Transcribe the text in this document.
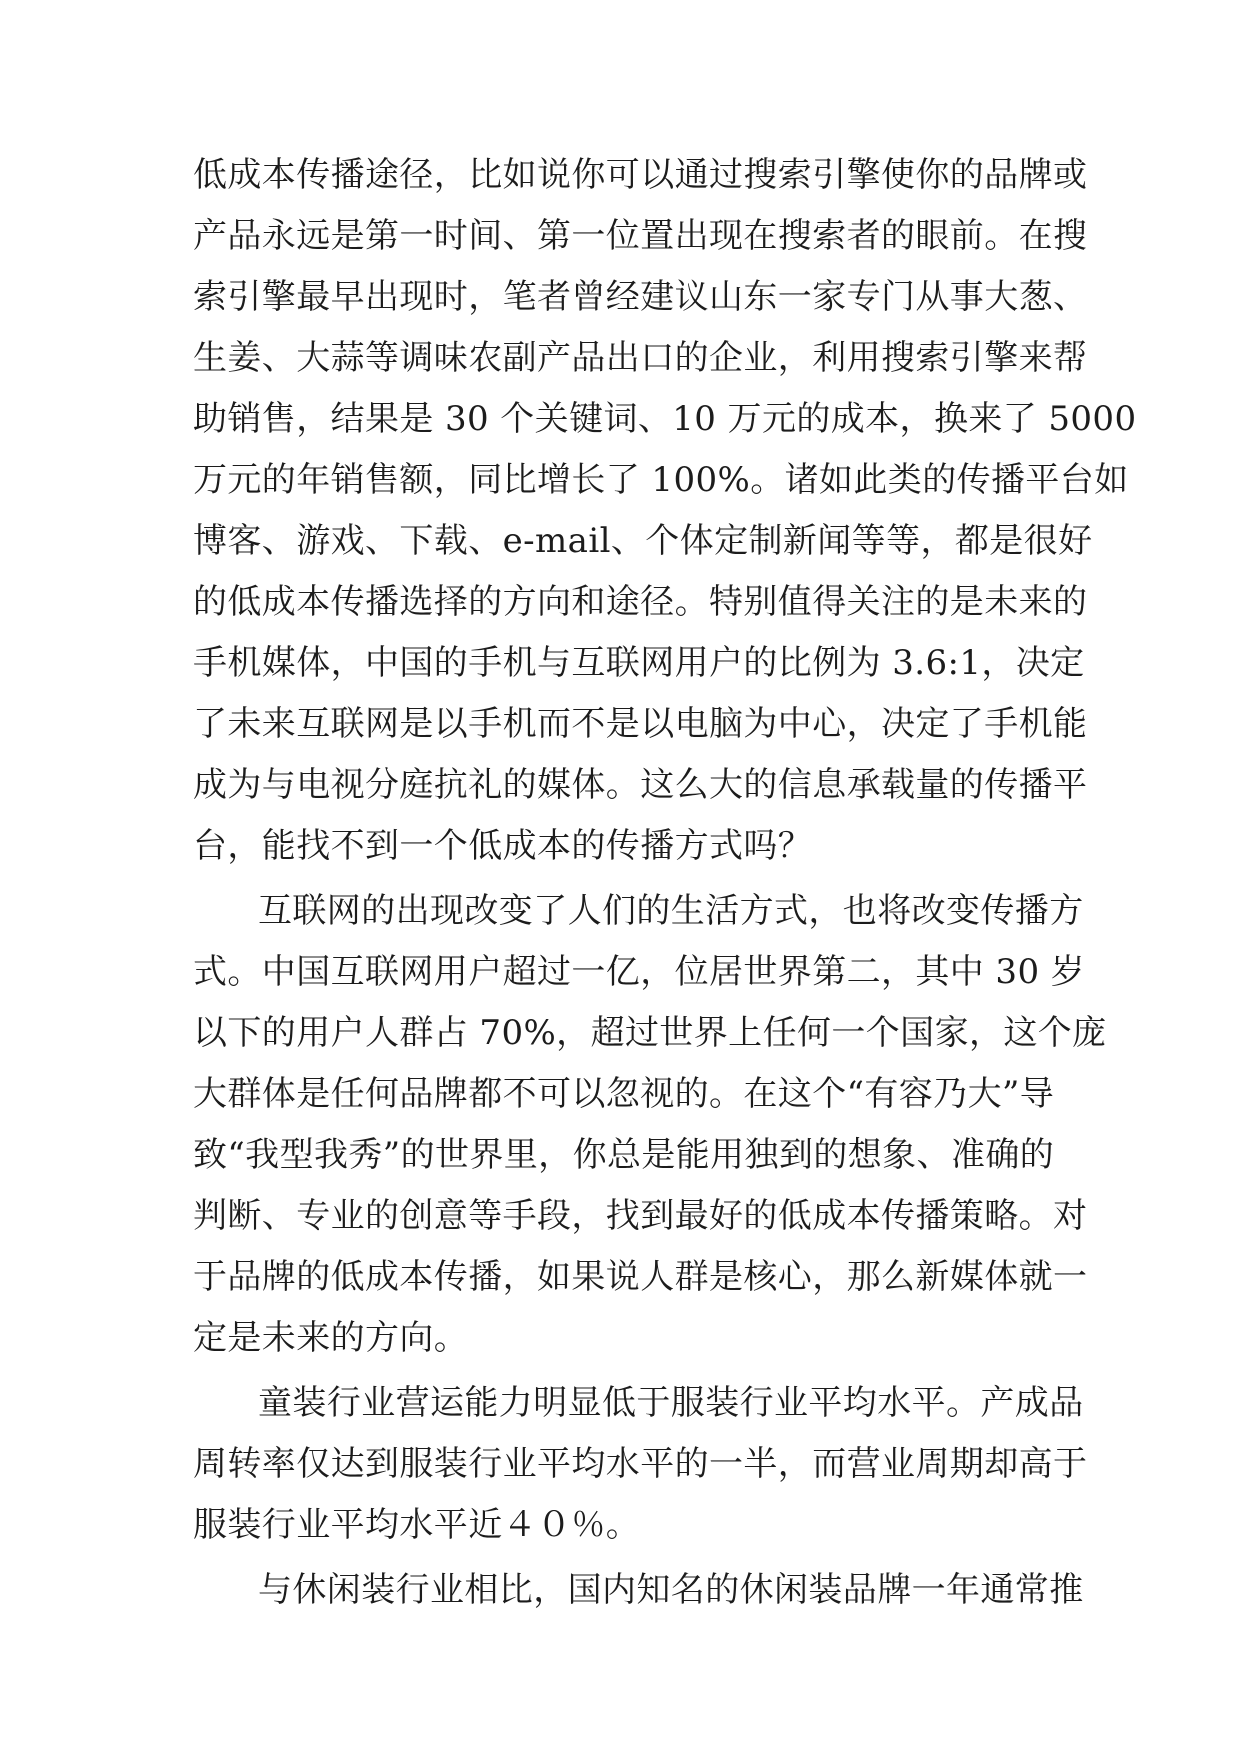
低成本传播途径，比如说你可以通过搜索引擎使你的品牌或

产品永远是第一时间、第一位置出现在搜索者的眼前。在搜

索引擎最早出现时，笔者曾经建议山东一家专门从事大葱、

生姜、大蒜等调味农副产品出口的企业，利用搜索引擎来帮

助销售，结果是 30 个关键词、10 万元的成本，换来了 5000

万元的年销售额，同比增长了 100%。诸如此类的传播平台如

博客、游戏、下载、e-mail、个体定制新闻等等，都是很好

的低成本传播选择的方向和途径。特别值得关注的是未来的

手机媒体，中国的手机与互联网用户的比例为 3.6:1，决定

了未来互联网是以手机而不是以电脑为中心，决定了手机能

成为与电视分庭抗礼的媒体。这么大的信息承载量的传播平

台，能找不到一个低成本的传播方式吗？

互联网的出现改变了人们的生活方式，也将改变传播方

式。中国互联网用户超过一亿，位居世界第二，其中 30 岁

以下的用户人群占 70%，超过世界上任何一个国家，这个庞

大群体是任何品牌都不可以忽视的。在这个“有容乃大”导

致“我型我秀”的世界里，你总是能用独到的想象、准确的

判断、专业的创意等手段，找到最好的低成本传播策略。对

于品牌的低成本传播，如果说人群是核心，那么新媒体就一

定是未来的方向。

童装行业营运能力明显低于服装行业平均水平。产成品

周转率仅达到服装行业平均水平的一半，而营业周期却高于

服装行业平均水平近４０％。

与休闲装行业相比，国内知名的休闲装品牌一年通常推
